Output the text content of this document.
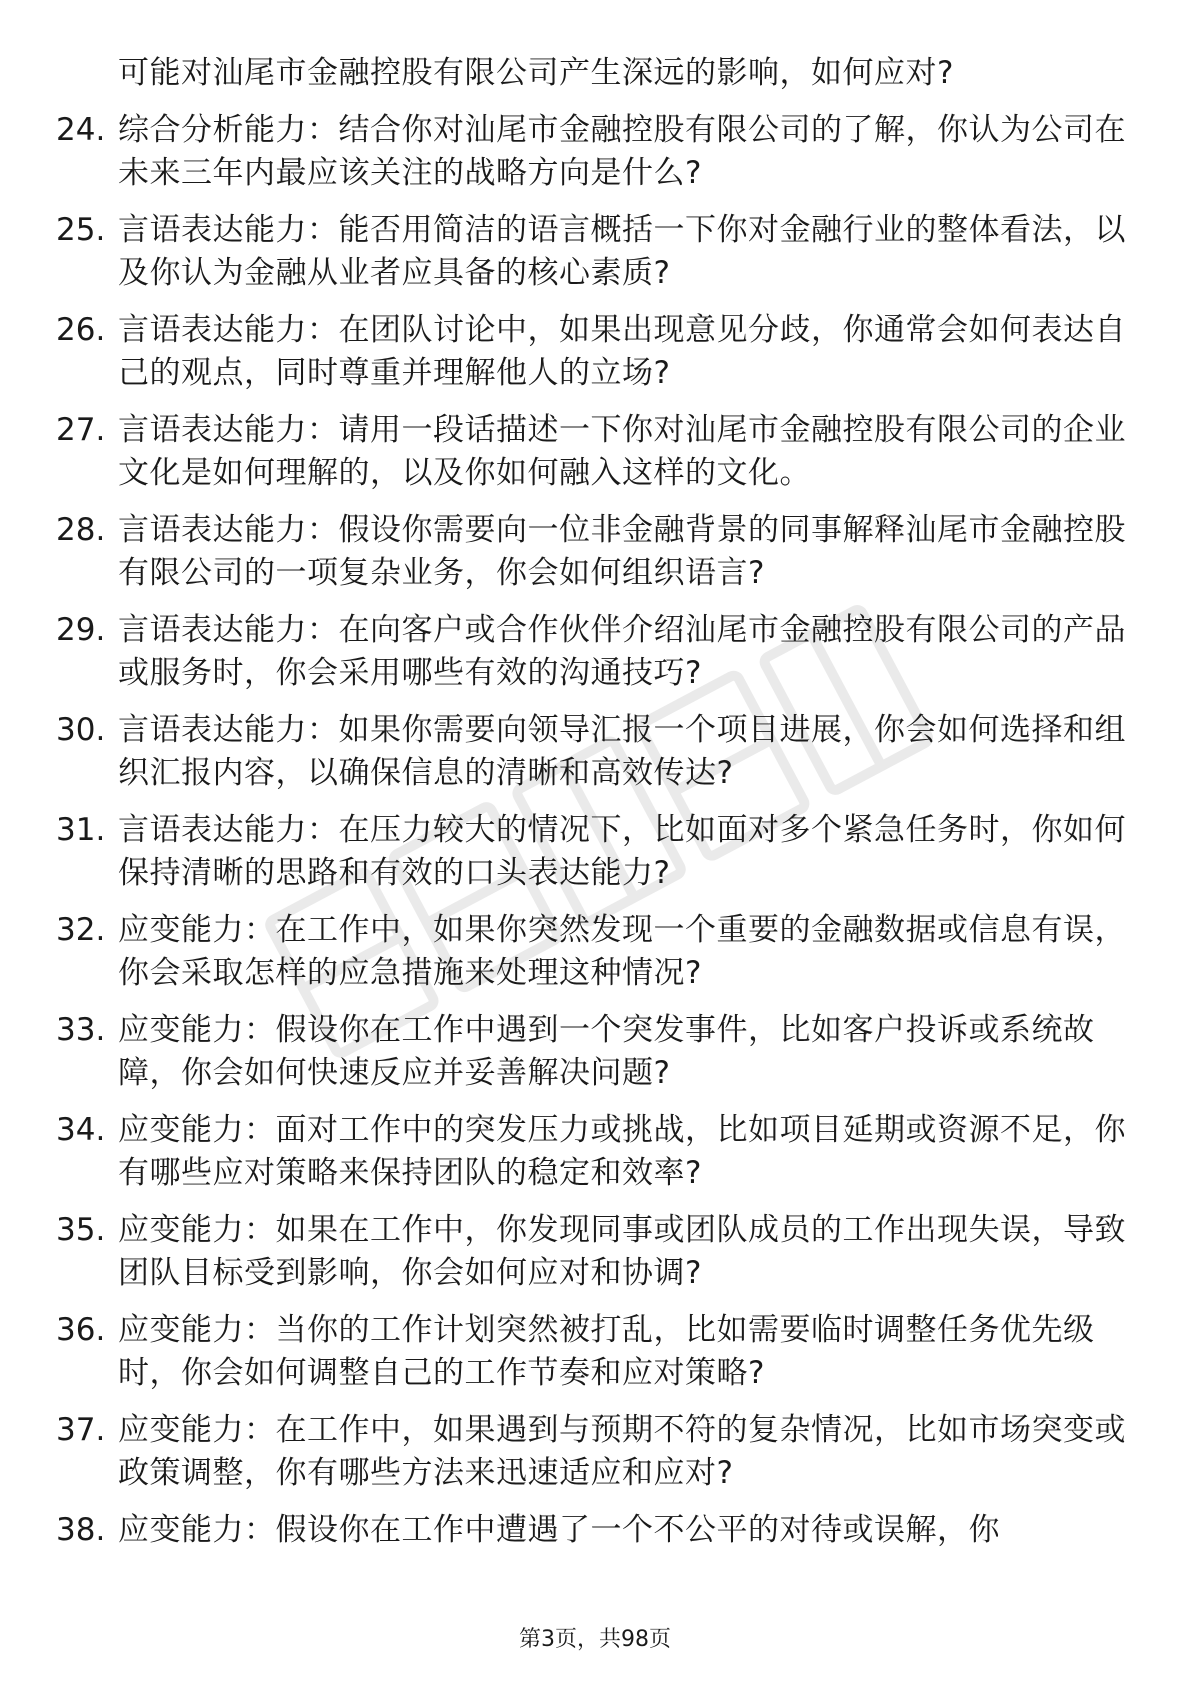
可能对汕尾市金融控股有限公司产生深远的影响，如何应对?
24. 综合分析能力：结合你对汕尾市金融控股有限公司的了解，你认为公司在未来三年内最应该关注的战略方向是什么?
25. 言语表达能力：能否用简洁的语言概括一下你对金融行业的整体看法，以及你认为金融从业者应具备的核心素质?
26. 言语表达能力：在团队讨论中，如果出现意见分歧，你通常会如何表达自己的观点，同时尊重并理解他人的立场?
27. 言语表达能力：请用一段话描述一下你对汕尾市金融控股有限公司的企业文化是如何理解的，以及你如何融入这样的文化。
28. 言语表达能力：假设你需要向一位非金融背景的同事解释汕尾市金融控股有限公司的一项复杂业务，你会如何组织语言?
29. 言语表达能力：在向客户或合作伙伴介绍汕尾市金融控股有限公司的产品或服务时，你会采用哪些有效的沟通技巧?
30. 言语表达能力：如果你需要向领导汇报一个项目进展，你会如何选择和组织汇报内容，以确保信息的清晰和高效传达?
31. 言语表达能力：在压力较大的情况下，比如面对多个紧急任务时，你如何保持清晰的思路和有效的口头表达能力?
32. 应变能力：在工作中，如果你突然发现一个重要的金融数据或信息有误，你会采取怎样的应急措施来处理这种情况?
33. 应变能力：假设你在工作中遇到一个突发事件，比如客户投诉或系统故障，你会如何快速反应并妥善解决问题?
34. 应变能力：面对工作中的突发压力或挑战，比如项目延期或资源不足，你有哪些应对策略来保持团队的稳定和效率?
35. 应变能力：如果在工作中，你发现同事或团队成员的工作出现失误，导致团队目标受到影响，你会如何应对和协调?
36. 应变能力：当你的工作计划突然被打乱，比如需要临时调整任务优先级时，你会如何调整自己的工作节奏和应对策略?
37. 应变能力：在工作中，如果遇到与预期不符的复杂情况，比如市场突变或政策调整，你有哪些方法来迅速适应和应对?
38. 应变能力：假设你在工作中遭遇了一个不公平的对待或误解，你
第3页，共98页
